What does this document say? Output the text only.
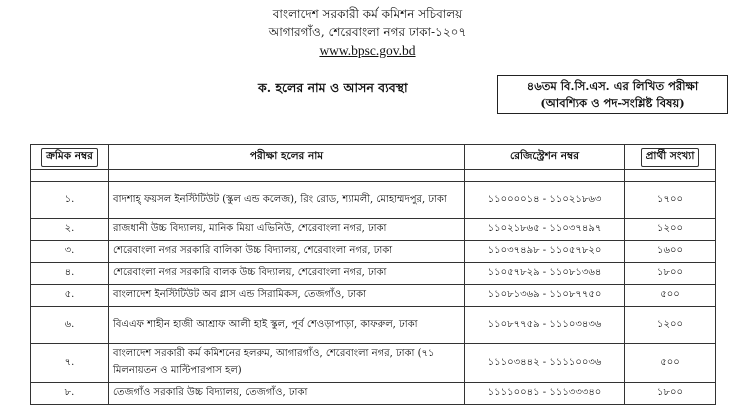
বাংলাদেশ সরকারী কর্ম কমিশন সচিবালয়
আগারগাঁও, শেরেবাংলা নগর ঢাকা-১২০৭
www.bpsc.gov.bd
ক. হলের নাম ও আসন ব্যবস্থা	৪৬তম বি.সি.এস. এর লিখিত পরীক্ষা
(আবশ্যিক ও পদ-সংশ্লিষ্ট বিষয়)
ক্রমিক নম্বর	পরীক্ষা হলের নাম	রেজিস্ট্রেশন নম্বর	প্রার্থী সংখ্যা

১.	বাদশাহ্ ফয়সল ইনস্টিটিউট (স্কুল এন্ড কলেজ), রিং রোড, শ্যামলী, মোহাম্মদপুর, ঢাকা	১১০০০০১৪ - ১১০২১৮৬৩	১৭০০
২.	রাজধানী উচ্চ বিদ্যালয়, মানিক মিয়া এভিনিউ, শেরেবাংলা নগর, ঢাকা	১১০২১৮৬৫ - ১১০৩৭৪৯৭	১২০০
৩.	শেরেবাংলা নগর সরকারি বালিকা উচ্চ বিদ্যালয়, শেরেবাংলা নগর, ঢাকা	১১০৩৭৪৯৮ - ১১০৫৭৮২০	১৬০০
৪.	শেরেবাংলা নগর সরকারি বালক উচ্চ বিদ্যালয়, শেরেবাংলা নগর, ঢাকা	১১০৫৭৮২৯ - ১১০৮১৩৬৪	১৮০০
৫.	বাংলাদেশ ইনস্টিটিউট অব গ্লাস এন্ড সিরামিকস, তেজগাঁও, ঢাকা	১১০৮১৩৬৯ - ১১০৮৭৭৫০	৫০০
৬.	বিএএফ শাহীন হাজী আশ্রাফ আলী হাই স্কুল, পূর্ব শেওড়াপাড়া, কাফরুল, ঢাকা	১১০৮৭৭৫৯ - ১১১০৩৪৩৬	১২০০
৭.	বাংলাদেশ সরকারী কর্ম কমিশনের হলরুম, আগারগাঁও, শেরেবাংলা নগর, ঢাকা (৭১ মিলনায়তন ও মাল্টিপারপাস হল)	১১১০৩৪৪২ - ১১১১০০৩৬	৫০০
৮.	তেজগাঁও সরকারি উচ্চ বিদ্যালয়, তেজগাঁও, ঢাকা	১১১১০০৪১ - ১১১৩৩৩৪০	১৮০০
